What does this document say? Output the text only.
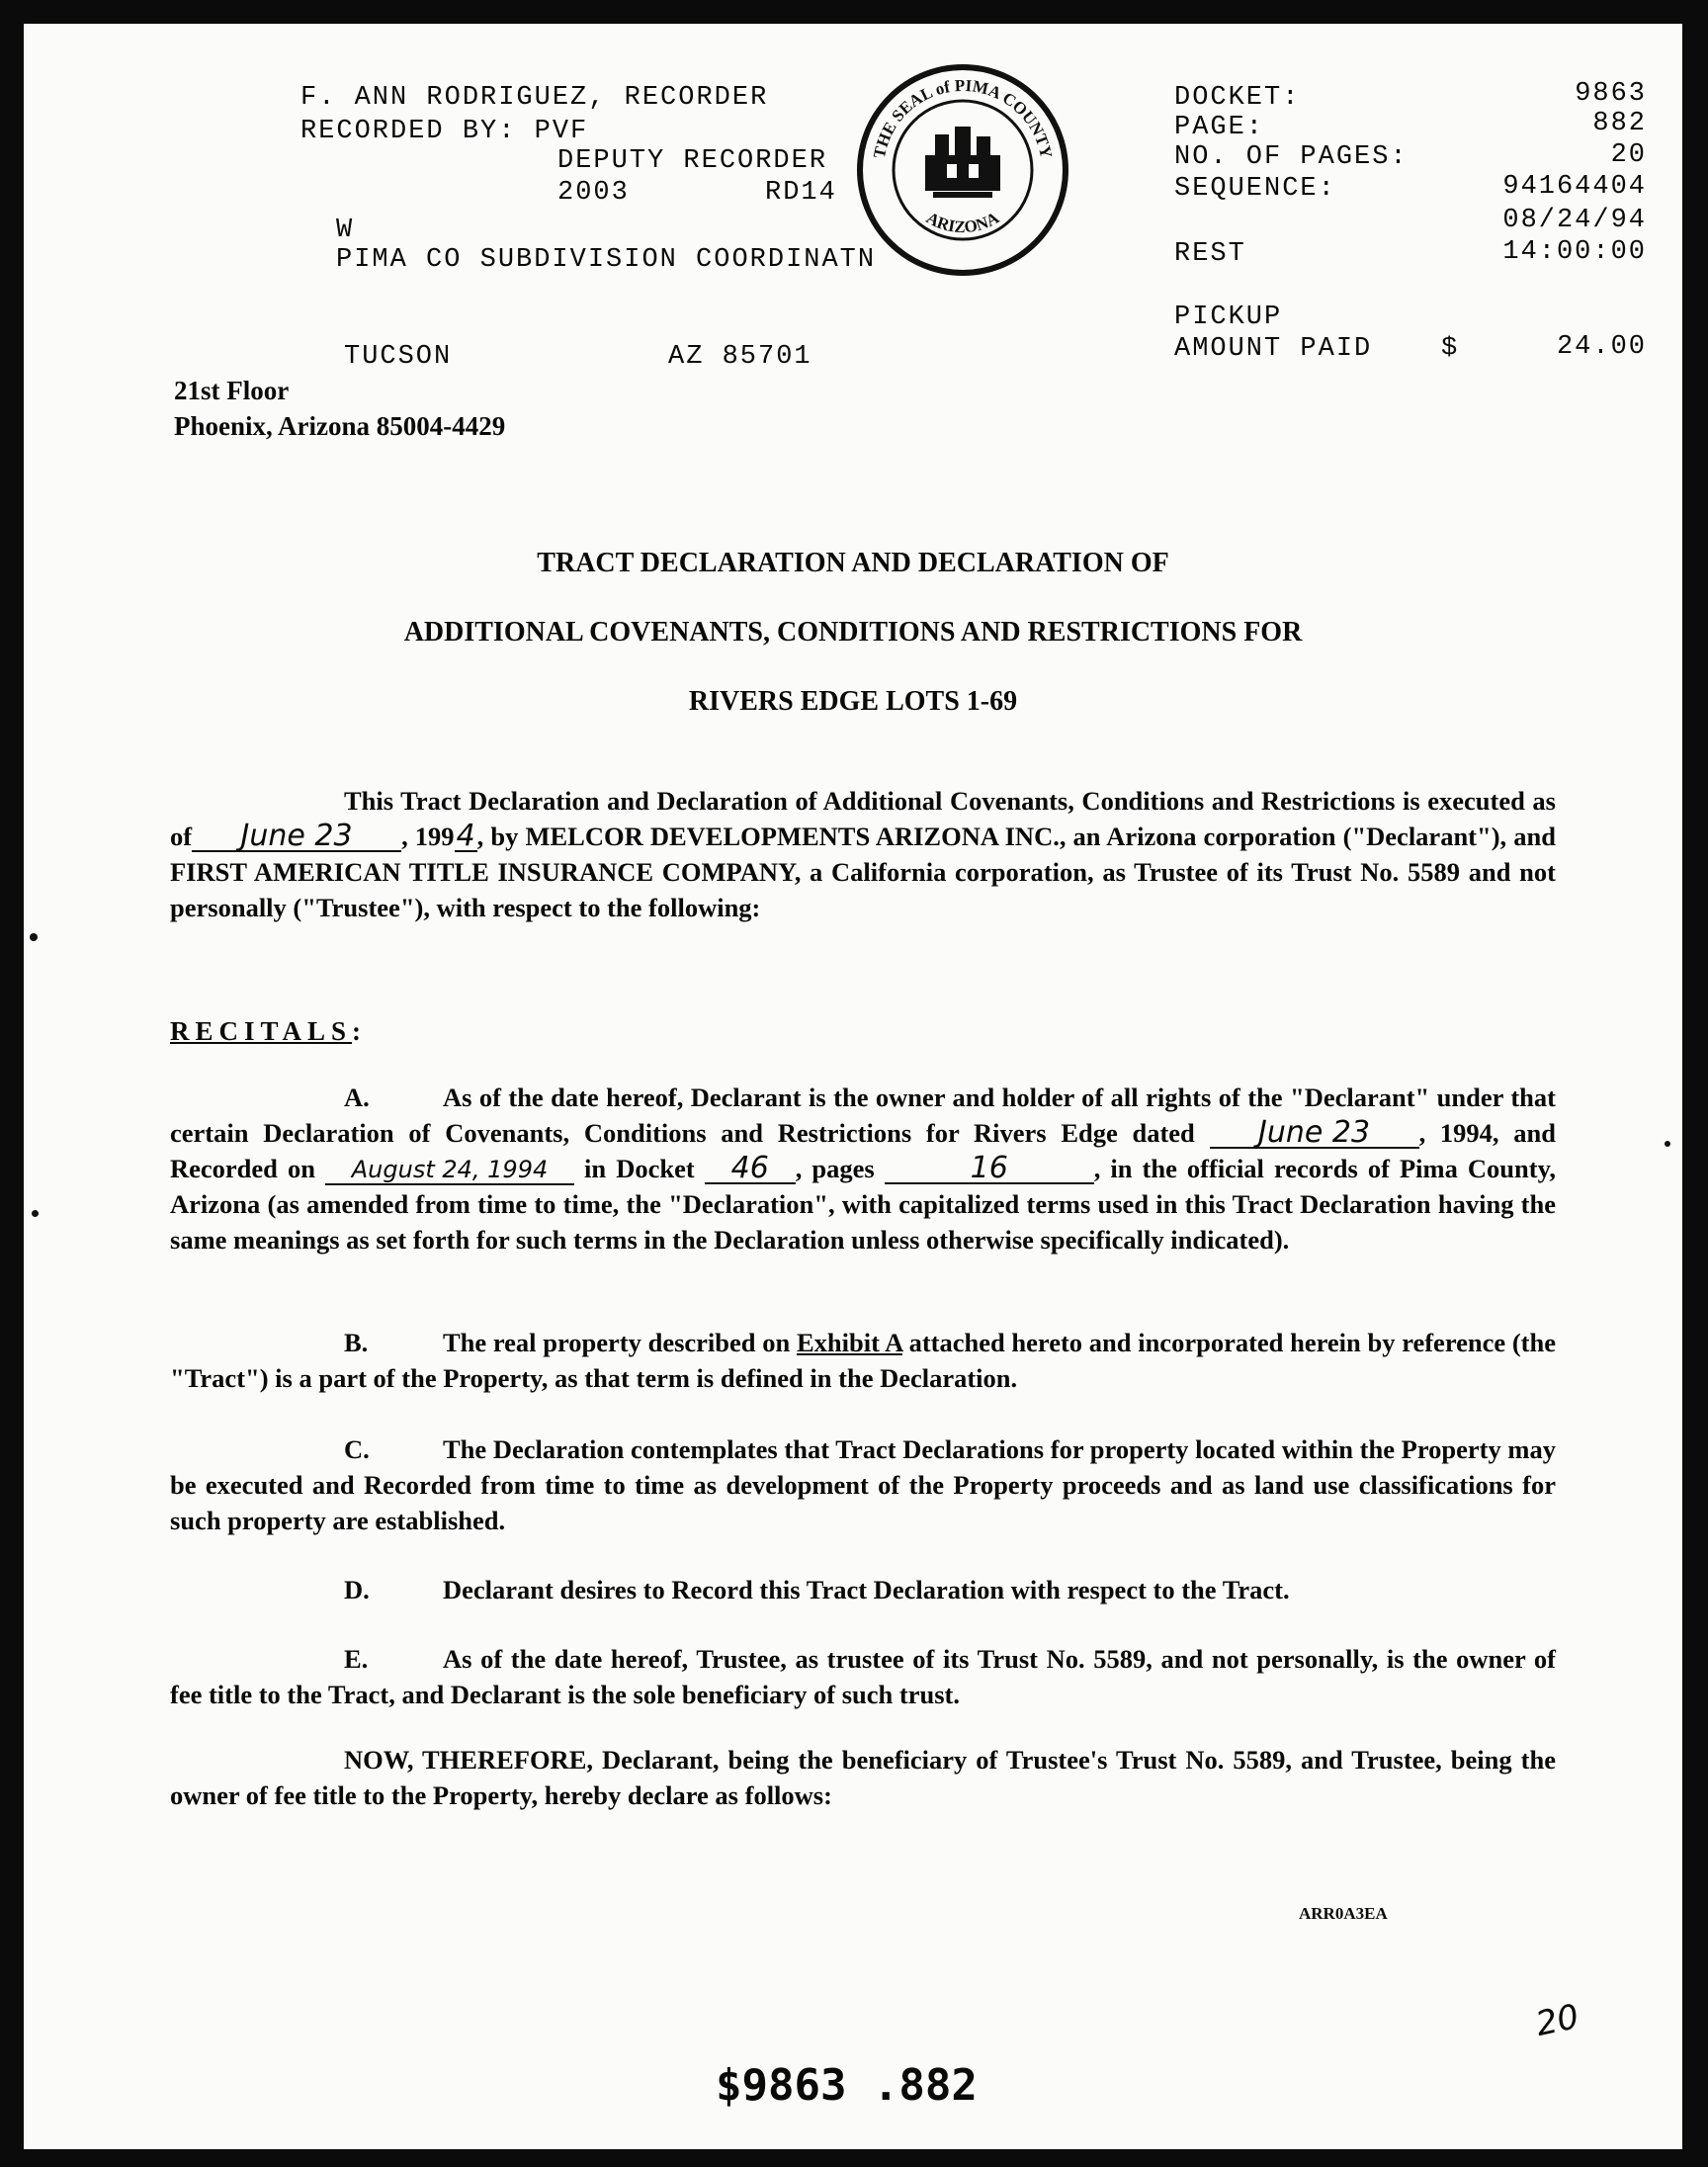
F. ANN RODRIGUEZ, RECORDER
RECORDED BY: PVF
DEPUTY RECORDER
2003	RD14
W
PIMA CO SUBDIVISION COORDINATN
TUCSON	AZ 85701
THE SEAL of PIMA COUNTY
ARIZONA
DOCKET:	9863
PAGE:	882
NO. OF PAGES:	20
SEQUENCE:	94164404
08/24/94
REST	14:00:00
PICKUP
AMOUNT PAID	$	24.00
21st Floor
Phoenix, Arizona 85004-4429
TRACT DECLARATION AND DECLARATION OF
ADDITIONAL COVENANTS, CONDITIONS AND RESTRICTIONS FOR
RIVERS EDGE LOTS 1-69
This Tract Declaration and Declaration of Additional Covenants, Conditions and Restrictions is executed as of June 23 , 1994, by MELCOR DEVELOPMENTS ARIZONA INC., an Arizona corporation ("Declarant"), and FIRST AMERICAN TITLE INSURANCE COMPANY, a California corporation, as Trustee of its Trust No. 5589 and not personally ("Trustee"), with respect to the following:
RECITALS:
A.	As of the date hereof, Declarant is the owner and holder of all rights of the "Declarant" under that certain Declaration of Covenants, Conditions and Restrictions for Rivers Edge dated June 23 , 1994, and Recorded on August 24, 1994 in Docket 46 , pages	16	, in the official records of Pima County, Arizona (as amended from time to time, the "Declaration", with capitalized terms used in this Tract Declaration having the same meanings as set forth for such terms in the Declaration unless otherwise specifically indicated).
B.	The real property described on Exhibit A attached hereto and incorporated herein by reference (the "Tract") is a part of the Property, as that term is defined in the Declaration.
C.	The Declaration contemplates that Tract Declarations for property located within the Property may be executed and Recorded from time to time as development of the Property proceeds and as land use classifications for such property are established.
D.	Declarant desires to Record this Tract Declaration with respect to the Tract.
E.	As of the date hereof, Trustee, as trustee of its Trust No. 5589, and not personally, is the owner of fee title to the Tract, and Declarant is the sole beneficiary of such trust.
NOW, THEREFORE, Declarant, being the beneficiary of Trustee's Trust No. 5589, and Trustee, being the owner of fee title to the Property, hereby declare as follows:
ARR0A3EA
20
$9863 .882
